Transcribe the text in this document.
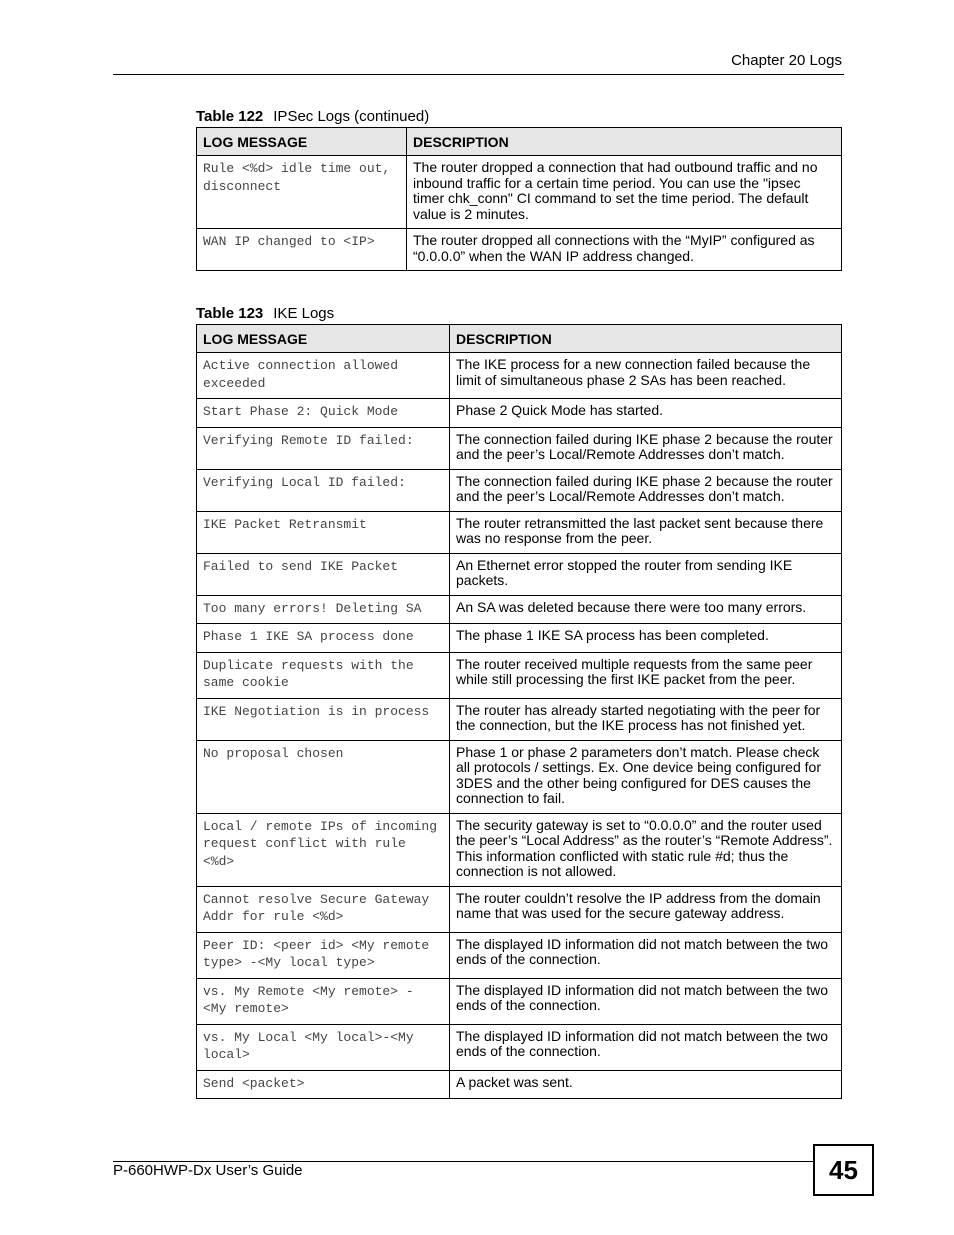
Chapter 20 Logs
Table 122 IPSec Logs (continued)
LOG MESSAGE	DESCRIPTION
Rule <%d> idle time out, disconnect	The router dropped a connection that had outbound traffic and no inbound traffic for a certain time period. You can use the "ipsec timer chk_conn" CI command to set the time period. The default value is 2 minutes.
WAN IP changed to <IP>	The router dropped all connections with the “MyIP” configured as “0.0.0.0” when the WAN IP address changed.
Table 123 IKE Logs
LOG MESSAGE	DESCRIPTION
Active connection allowed exceeded	The IKE process for a new connection failed because the limit of simultaneous phase 2 SAs has been reached.
Start Phase 2: Quick Mode	Phase 2 Quick Mode has started.
Verifying Remote ID failed:	The connection failed during IKE phase 2 because the router and the peer’s Local/Remote Addresses don’t match.
Verifying Local ID failed:	The connection failed during IKE phase 2 because the router and the peer’s Local/Remote Addresses don’t match.
IKE Packet Retransmit	The router retransmitted the last packet sent because there was no response from the peer.
Failed to send IKE Packet	An Ethernet error stopped the router from sending IKE packets.
Too many errors! Deleting SA	An SA was deleted because there were too many errors.
Phase 1 IKE SA process done	The phase 1 IKE SA process has been completed.
Duplicate requests with the same cookie	The router received multiple requests from the same peer while still processing the first IKE packet from the peer.
IKE Negotiation is in process	The router has already started negotiating with the peer for the connection, but the IKE process has not finished yet.
No proposal chosen	Phase 1 or phase 2 parameters don’t match. Please check all protocols / settings. Ex. One device being configured for 3DES and the other being configured for DES causes the connection to fail.
Local / remote IPs of incoming request conflict with rule <%d>	The security gateway is set to “0.0.0.0” and the router used the peer’s “Local Address” as the router’s “Remote Address”. This information conflicted with static rule #d; thus the connection is not allowed.
Cannot resolve Secure Gateway Addr for rule <%d>	The router couldn’t resolve the IP address from the domain name that was used for the secure gateway address.
Peer ID: <peer id> <My remote type> -<My local type>	The displayed ID information did not match between the two ends of the connection.
vs. My Remote <My remote> - <My remote>	The displayed ID information did not match between the two ends of the connection.
vs. My Local <My local>-<My local>	The displayed ID information did not match between the two ends of the connection.
Send <packet>	A packet was sent.
P-660HWP-Dx User’s Guide	45
